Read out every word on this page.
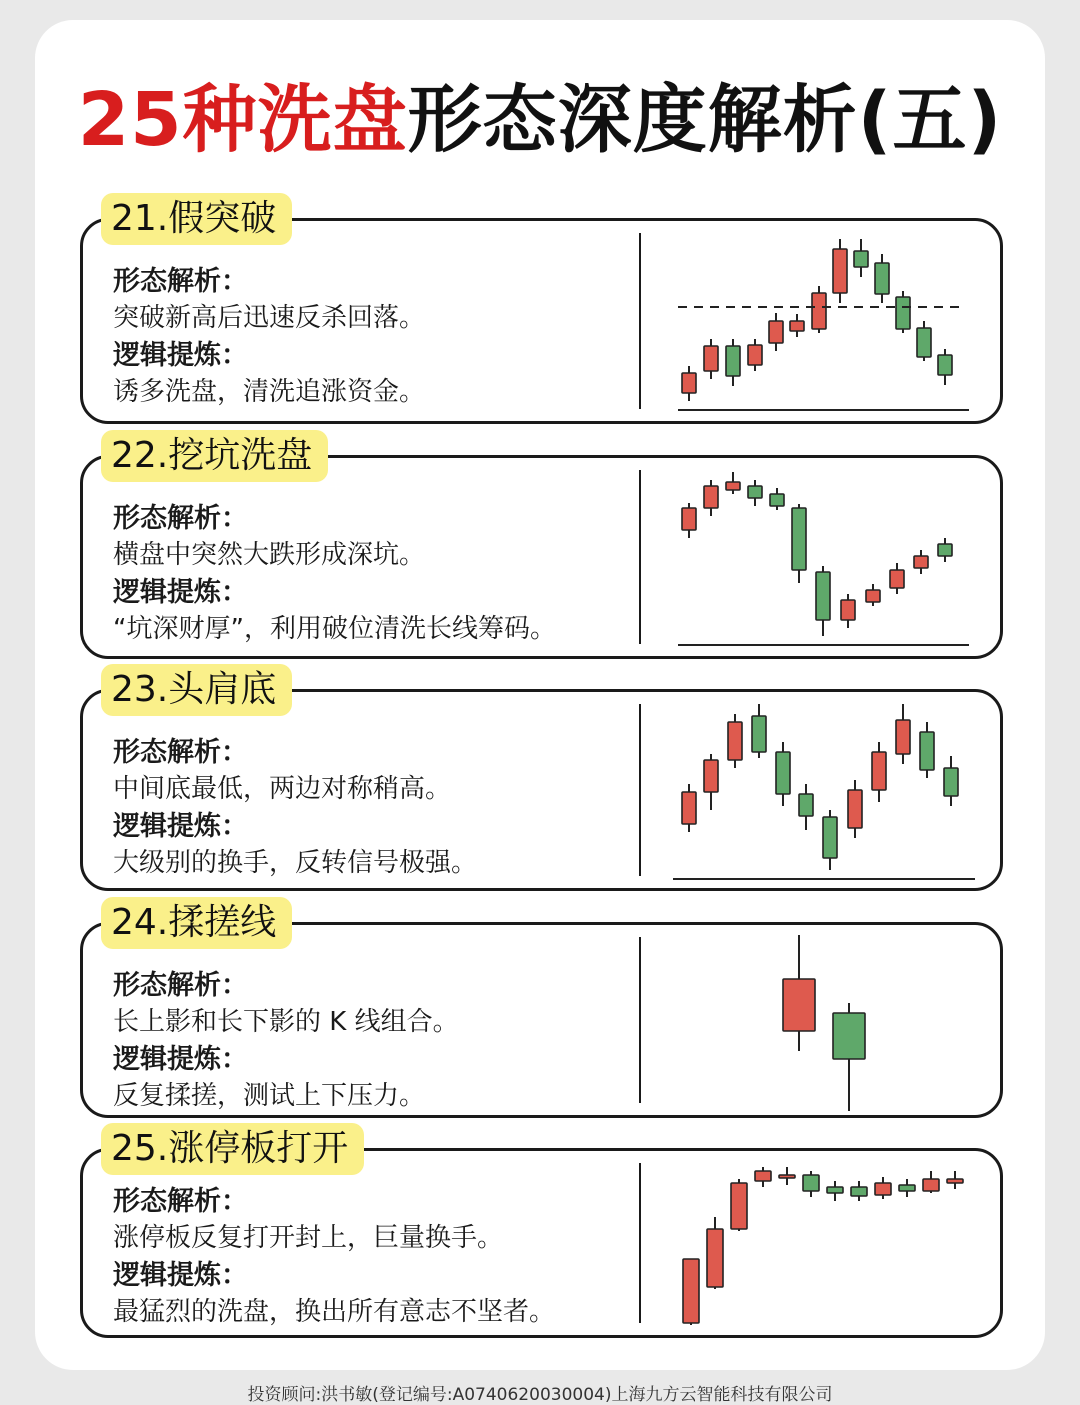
25种洗盘形态深度解析(五)
21.假突破
形态解析：
突破新高后迅速反杀回落。
逻辑提炼：
诱多洗盘，清洗追涨资金。
22.挖坑洗盘
形态解析：
横盘中突然大跌形成深坑。
逻辑提炼：
“坑深财厚”，利用破位清洗长线筹码。
23.头肩底
形态解析：
中间底最低，两边对称稍高。
逻辑提炼：
大级别的换手，反转信号极强。
24.揉搓线
形态解析：
长上影和长下影的 K 线组合。
逻辑提炼：
反复揉搓，测试上下压力。
25.涨停板打开
形态解析：
涨停板反复打开封上，巨量换手。
逻辑提炼：
最猛烈的洗盘，换出所有意志不坚者。
投资顾问:洪书敏(登记编号:A0740620030004)上海九方云智能科技有限公司
